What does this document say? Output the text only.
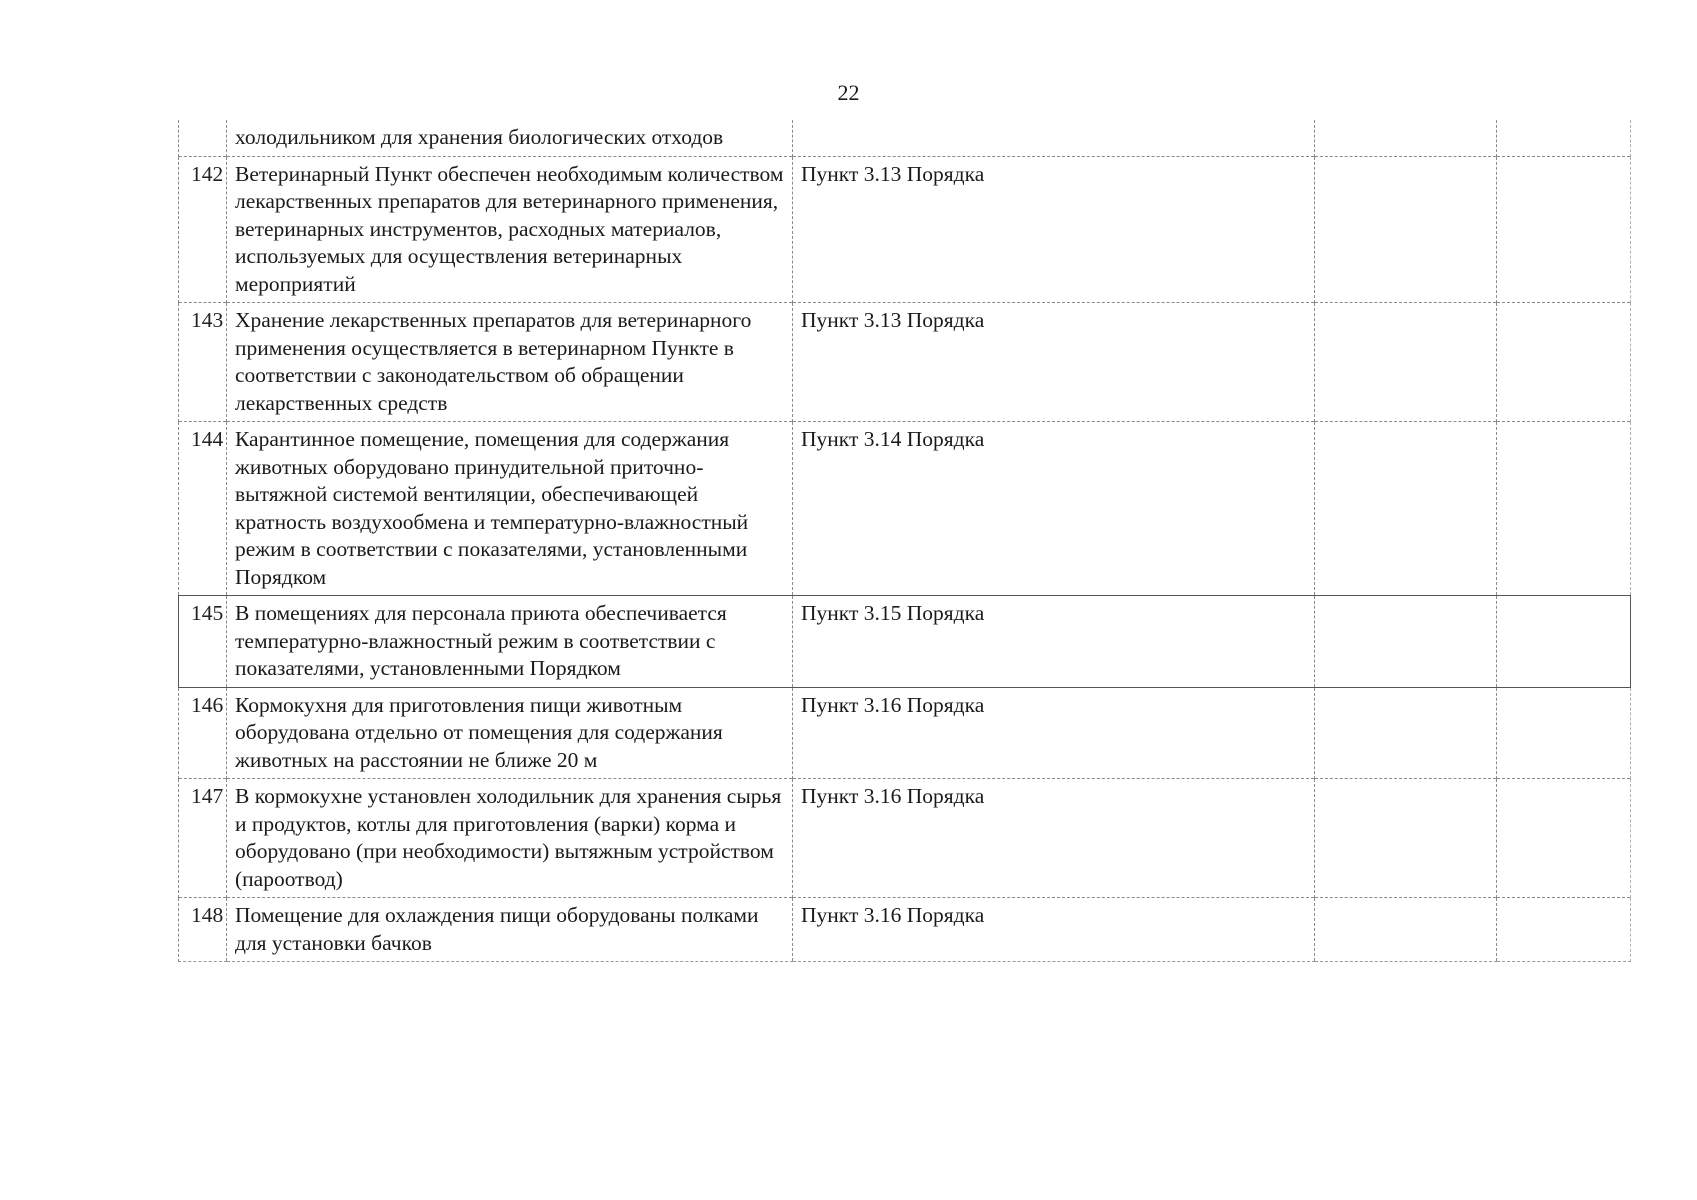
22
	холодильником для хранения биологических отходов			
142	Ветеринарный Пункт обеспечен необходимым количеством лекарственных препаратов для ветеринарного применения, ветеринарных инструментов, расходных материалов, используемых для осуществления ветеринарных мероприятий	Пункт 3.13 Порядка		
143	Хранение лекарственных препаратов для ветеринарного применения осуществляется в ветеринарном Пункте в соответствии с законодательством об обращении лекарственных средств	Пункт 3.13 Порядка		
144	Карантинное помещение, помещения для содержания животных оборудовано принудительной приточно-вытяжной системой вентиляции, обеспечивающей кратность воздухообмена и температурно-влажностный режим в соответствии с показателями, установленными Порядком	Пункт 3.14 Порядка		
145	В помещениях для персонала приюта обеспечивается температурно-влажностный режим в соответствии с показателями, установленными Порядком	Пункт 3.15 Порядка		
146	Кормокухня для приготовления пищи животным оборудована отдельно от помещения для содержания животных на расстоянии не ближе 20 м	Пункт 3.16 Порядка		
147	В кормокухне установлен холодильник для хранения сырья и продуктов, котлы для приготовления (варки) корма и оборудовано (при необходимости) вытяжным устройством (пароотвод)	Пункт 3.16 Порядка		
148	Помещение для охлаждения пищи оборудованы полками для установки бачков	Пункт 3.16 Порядка		
